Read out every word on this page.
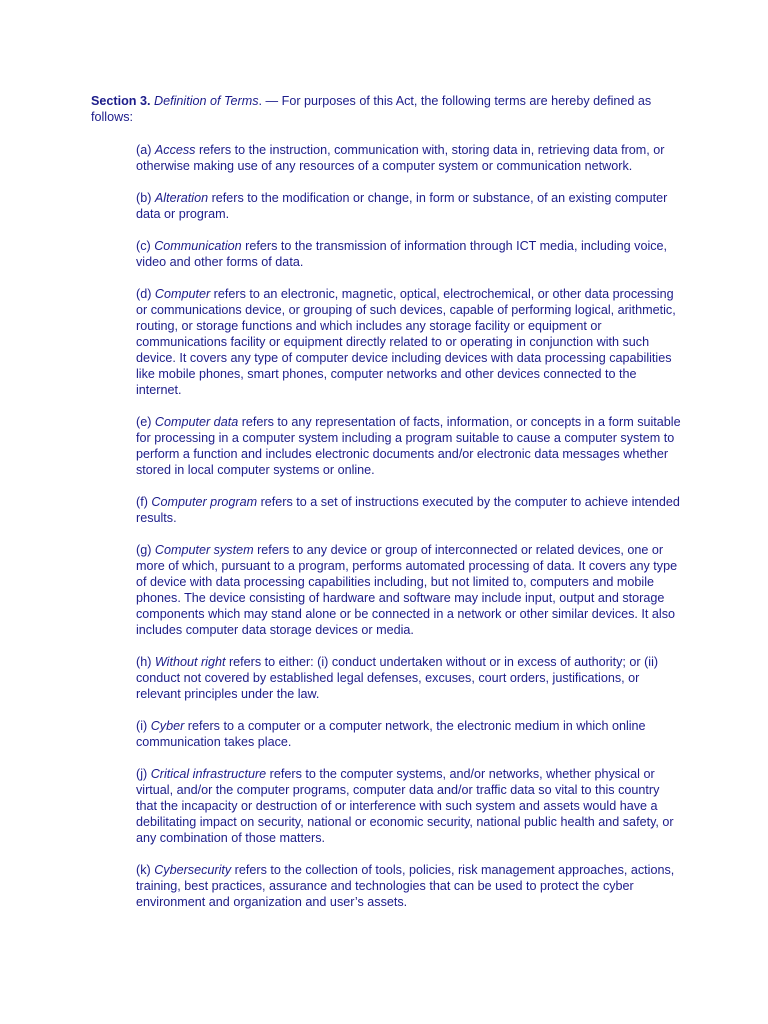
Section 3. Definition of Terms. — For purposes of this Act, the following terms are hereby defined as follows:

(a) Access refers to the instruction, communication with, storing data in, retrieving data from, or otherwise making use of any resources of a computer system or communication network.
(b) Alteration refers to the modification or change, in form or substance, of an existing computer data or program.
(c) Communication refers to the transmission of information through ICT media, including voice, video and other forms of data.
(d) Computer refers to an electronic, magnetic, optical, electrochemical, or other data processing or communications device, or grouping of such devices, capable of performing logical, arithmetic, routing, or storage functions and which includes any storage facility or equipment or communications facility or equipment directly related to or operating in conjunction with such device. It covers any type of computer device including devices with data processing capabilities like mobile phones, smart phones, computer networks and other devices connected to the internet.
(e) Computer data refers to any representation of facts, information, or concepts in a form suitable for processing in a computer system including a program suitable to cause a computer system to perform a function and includes electronic documents and/or electronic data messages whether stored in local computer systems or online.
(f) Computer program refers to a set of instructions executed by the computer to achieve intended results.
(g) Computer system refers to any device or group of interconnected or related devices, one or more of which, pursuant to a program, performs automated processing of data. It covers any type of device with data processing capabilities including, but not limited to, computers and mobile phones. The device consisting of hardware and software may include input, output and storage components which may stand alone or be connected in a network or other similar devices. It also includes computer data storage devices or media.
(h) Without right refers to either: (i) conduct undertaken without or in excess of authority; or (ii) conduct not covered by established legal defenses, excuses, court orders, justifications, or relevant principles under the law.
(i) Cyber refers to a computer or a computer network, the electronic medium in which online communication takes place.
(j) Critical infrastructure refers to the computer systems, and/or networks, whether physical or virtual, and/or the computer programs, computer data and/or traffic data so vital to this country that the incapacity or destruction of or interference with such system and assets would have a debilitating impact on security, national or economic security, national public health and safety, or any combination of those matters.
(k) Cybersecurity refers to the collection of tools, policies, risk management approaches, actions, training, best practices, assurance and technologies that can be used to protect the cyber environment and organization and user’s assets.
